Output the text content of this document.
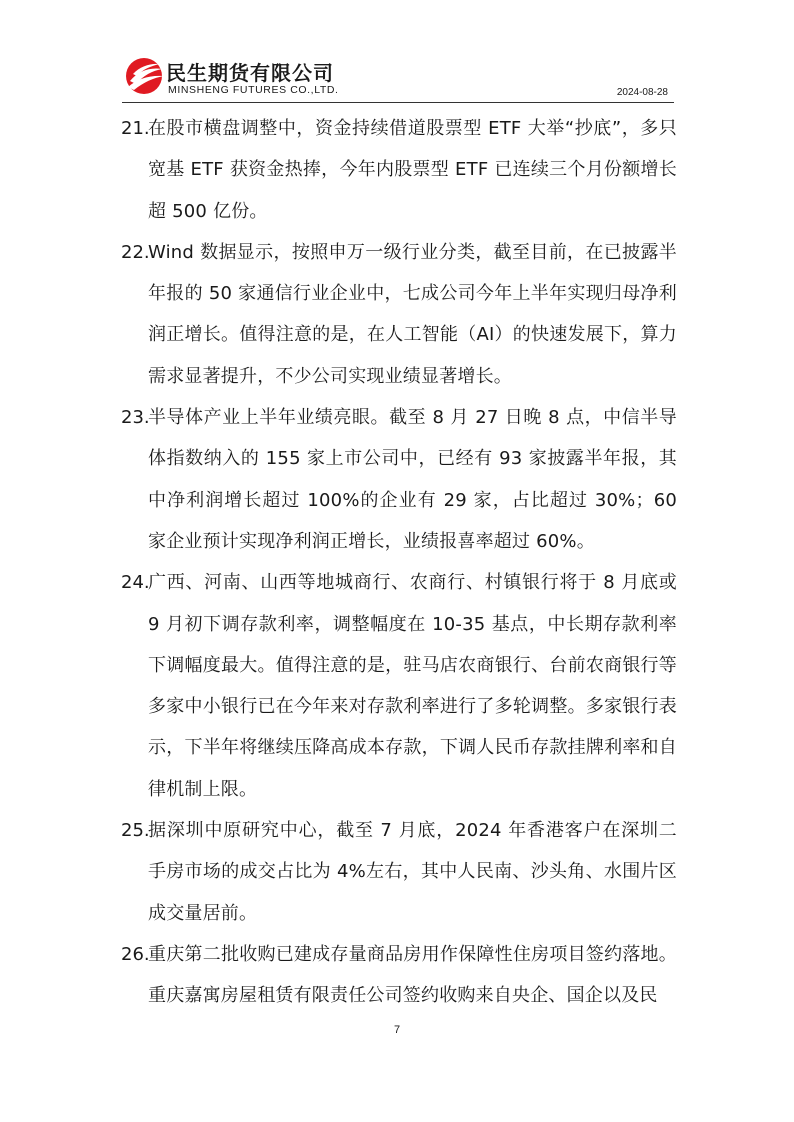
民生期货有限公司
MINSHENG FUTURES CO.,LTD.	2024-08-28
21.
在股市横盘调整中，资金持续借道股票型 ETF 大举“抄底”，多只宽基 ETF 获资金热捧，今年内股票型 ETF 已连续三个月份额增长超 500 亿份。
22.
Wind 数据显示，按照申万一级行业分类，截至目前，在已披露半年报的 50 家通信行业企业中，七成公司今年上半年实现归母净利润正增长。值得注意的是，在人工智能（AI）的快速发展下，算力需求显著提升，不少公司实现业绩显著增长。
23.
半导体产业上半年业绩亮眼。截至 8 月 27 日晚 8 点，中信半导体指数纳入的 155 家上市公司中，已经有 93 家披露半年报，其中净利润增长超过 100%的企业有 29 家，占比超过 30%；60 家企业预计实现净利润正增长，业绩报喜率超过 60%。
24.
广西、河南、山西等地城商行、农商行、村镇银行将于 8 月底或 9 月初下调存款利率，调整幅度在 10-35 基点，中长期存款利率下调幅度最大。值得注意的是，驻马店农商银行、台前农商银行等多家中小银行已在今年来对存款利率进行了多轮调整。多家银行表示，下半年将继续压降高成本存款，下调人民币存款挂牌利率和自律机制上限。
25.
据深圳中原研究中心，截至 7 月底，2024 年香港客户在深圳二手房市场的成交占比为 4%左右，其中人民南、沙头角、水围片区成交量居前。
26.
重庆第二批收购已建成存量商品房用作保障性住房项目签约落地。重庆嘉寓房屋租赁有限责任公司签约收购来自央企、国企以及民
7
